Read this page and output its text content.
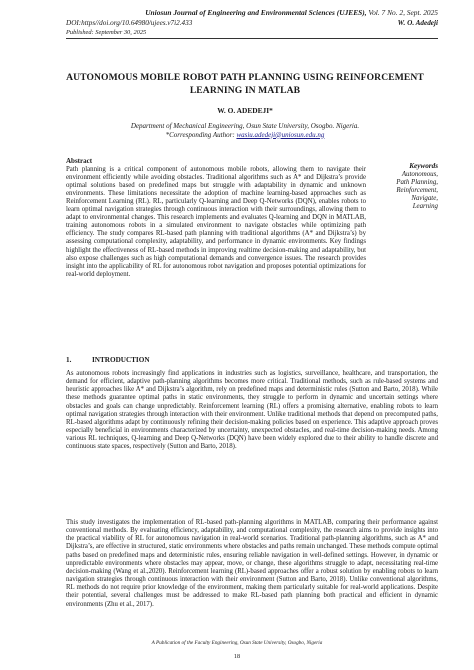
Uniosun Journal of Engineering and Environmental Sciences (UJEES), Vol. 7 No. 2, Sept. 2025
DOI:https//doi.org/10.64980/ujees.v7i2.433	W. O. Adedeji
Published: September 30, 2025
AUTONOMOUS MOBILE ROBOT PATH PLANNING USING REINFORCEMENT LEARNING IN MATLAB
W. O. ADEDEJI*
Department of Mechanical Engineering, Osun State University, Osogbo. Nigeria.
*Corresponding Author: wasiu.adedeji@uniosun.edu.ng
Abstract

Path planning is a critical component of autonomous mobile robots, allowing them to navigate their environment efficiently while avoiding obstacles. Traditional algorithms such as A* and Dijkstra’s provide optimal solutions based on predefined maps but struggle with adaptability in dynamic and unknown environments. These limitations necessitate the adoption of machine learning-based approaches such as Reinforcement Learning (RL). RL, particularly Q-learning and Deep Q-Networks (DQN), enables robots to learn optimal navigation strategies through continuous interaction with their surroundings, allowing them to adapt to environmental changes. This research implements and evaluates Q-learning and DQN in MATLAB, training autonomous robots in a simulated environment to navigate obstacles while optimizing path efficiency. The study compares RL-based path planning with traditional algorithms (A* and Dijkstra’s) by assessing computational complexity, adaptability, and performance in dynamic environments. Key findings highlight the effectiveness of RL-based methods in improving realtime decision-making and adaptability, but also expose challenges such as high computational demands and convergence issues. The research provides insight into the applicability of RL for autonomous robot navigation and proposes potential optimizations for real-world deployment.

Keywords
Autonomous,
Path Planning,
Reinforcement,
Navigate,
Learning
1.	INTRODUCTION

As autonomous robots increasingly find applications in industries such as logistics, surveillance, healthcare, and transportation, the demand for efficient, adaptive path-planning algorithms becomes more critical. Traditional methods, such as rule-based systems and heuristic approaches like A* and Dijkstra’s algorithm, rely on predefined maps and deterministic rules (Sutton and Barto, 2018). While these methods guarantee optimal paths in static environments, they struggle to perform in dynamic and uncertain settings where obstacles and goals can change unpredictably. Reinforcement learning (RL) offers a promising alternative, enabling robots to learn optimal navigation strategies through interaction with their environment. Unlike traditional methods that depend on precomputed paths, RL-based algorithms adapt by continuously refining their decision-making policies based on experience. This adaptive approach proves especially beneficial in environments characterized by uncertainty, unexpected obstacles, and real-time decision-making needs. Among various RL techniques, Q-learning and Deep Q-Networks (DQN) have been widely explored due to their ability to handle discrete and continuous state spaces, respectively (Sutton and Barto, 2018).

This study investigates the implementation of RL-based path-planning algorithms in MATLAB, comparing their performance against conventional methods. By evaluating efficiency, adaptability, and computational complexity, the research aims to provide insights into the practical viability of RL for autonomous navigation in real-world scenarios. Traditional path-planning algorithms, such as A* and Dijkstra’s, are effective in structured, static environments where obstacles and paths remain unchanged. These methods compute optimal paths based on predefined maps and deterministic rules, ensuring reliable navigation in well-defined settings. However, in dynamic or unpredictable environments where obstacles may appear, move, or change, these algorithms struggle to adapt, necessitating real-time decision-making (Wang et al.,2020). Reinforcement learning (RL)-based approaches offer a robust solution by enabling robots to learn navigation strategies through continuous interaction with their environment (Sutton and Barto, 2018). Unlike conventional algorithms, RL methods do not require prior knowledge of the environment, making them particularly suitable for real-world applications. Despite their potential, several challenges must be addressed to make RL-based path planning both practical and efficient in dynamic environments (Zhu et al., 2017).

A Publication of the Faculty Engineering, Osun State University, Osogbo, Nigeria
18
